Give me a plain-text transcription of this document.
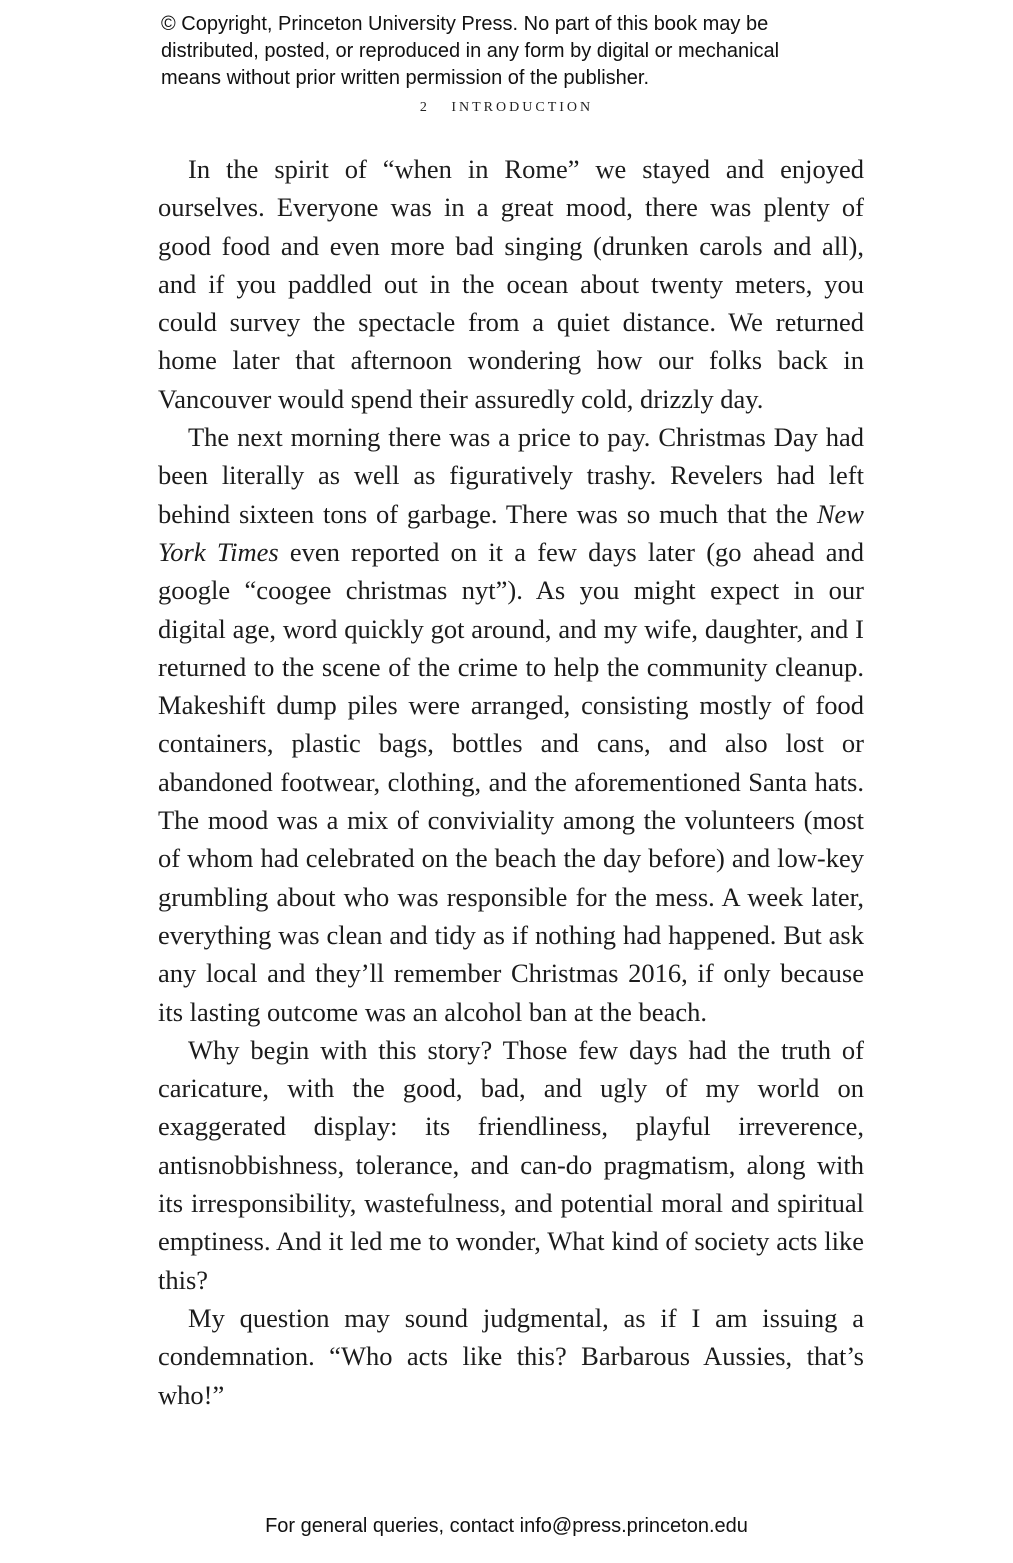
© Copyright, Princeton University Press. No part of this book may be
distributed, posted, or reproduced in any form by digital or mechanical
means without prior written permission of the publisher.
2 INTRODUCTION

In the spirit of “when in Rome” we stayed and enjoyed ourselves. Everyone was in a great mood, there was plenty of good food and even more bad singing (drunken carols and all), and if you paddled out in the ocean about twenty meters, you could survey the spectacle from a quiet distance. We returned home later that afternoon wondering how our folks back in Vancouver would spend their assuredly cold, drizzly day.

The next morning there was a price to pay. Christmas Day had been literally as well as figuratively trashy. Revelers had left behind sixteen tons of garbage. There was so much that the New York Times even reported on it a few days later (go ahead and google “coogee christmas nyt”). As you might expect in our digital age, word quickly got around, and my wife, daughter, and I returned to the scene of the crime to help the community cleanup. Makeshift dump piles were arranged, consisting mostly of food containers, plastic bags, bottles and cans, and also lost or abandoned footwear, clothing, and the aforementioned Santa hats. The mood was a mix of conviviality among the volunteers (most of whom had celebrated on the beach the day before) and low-key grumbling about who was responsible for the mess. A week later, everything was clean and tidy as if nothing had happened. But ask any local and they’ll remember Christmas 2016, if only because its lasting outcome was an alcohol ban at the beach.

Why begin with this story? Those few days had the truth of caricature, with the good, bad, and ugly of my world on exaggerated display: its friendliness, playful irreverence, antisnobbishness, tolerance, and can-do pragmatism, along with its irresponsibility, wastefulness, and potential moral and spiritual emptiness. And it led me to wonder, What kind of society acts like this?

My question may sound judgmental, as if I am issuing a condemnation. “Who acts like this? Barbarous Aussies, that’s who!”

For general queries, contact info@press.princeton.edu
